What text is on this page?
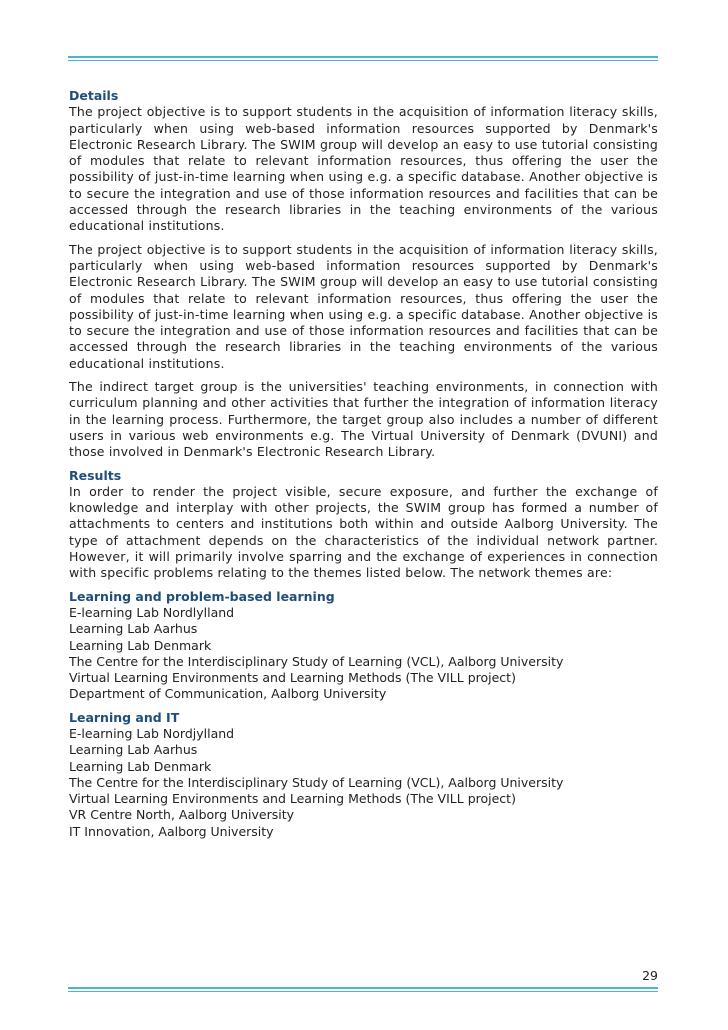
Details

The project objective is to support students in the acquisition of information literacy skills, particularly when using web-based information resources supported by Denmark's Electronic Research Library. The SWIM group will develop an easy to use tutorial consisting of modules that relate to relevant information resources, thus offering the user the possibility of just-in-time learning when using e.g. a specific database. Another objective is to secure the integration and use of those information resources and facilities that can be accessed through the research libraries in the teaching environments of the various educational institutions.

The project objective is to support students in the acquisition of information literacy skills, particularly when using web-based information resources supported by Denmark's Electronic Research Library. The SWIM group will develop an easy to use tutorial consisting of modules that relate to relevant information resources, thus offering the user the possibility of just-in-time learning when using e.g. a specific database. Another objective is to secure the integration and use of those information resources and facilities that can be accessed through the research libraries in the teaching environments of the various educational institutions.

The indirect target group is the universities' teaching environments, in connection with curriculum planning and other activities that further the integration of information literacy in the learning process. Furthermore, the target group also includes a number of different users in various web environments e.g. The Virtual University of Denmark (DVUNI) and those involved in Denmark's Electronic Research Library.

Results

In order to render the project visible, secure exposure, and further the exchange of knowledge and interplay with other projects, the SWIM group has formed a number of attachments to centers and institutions both within and outside Aalborg University. The type of attachment depends on the characteristics of the individual network partner. However, it will primarily involve sparring and the exchange of experiences in connection with specific problems relating to the themes listed below. The network themes are:

Learning and problem-based learning
E-learning Lab Nordlylland
Learning Lab Aarhus
Learning Lab Denmark
The Centre for the Interdisciplinary Study of Learning (VCL), Aalborg University
Virtual Learning Environments and Learning Methods (The VILL project)
Department of Communication, Aalborg University
Learning and IT
E-learning Lab Nordjylland
Learning Lab Aarhus
Learning Lab Denmark
The Centre for the Interdisciplinary Study of Learning (VCL), Aalborg University
Virtual Learning Environments and Learning Methods (The VILL project)
VR Centre North, Aalborg University
IT Innovation, Aalborg University
29
